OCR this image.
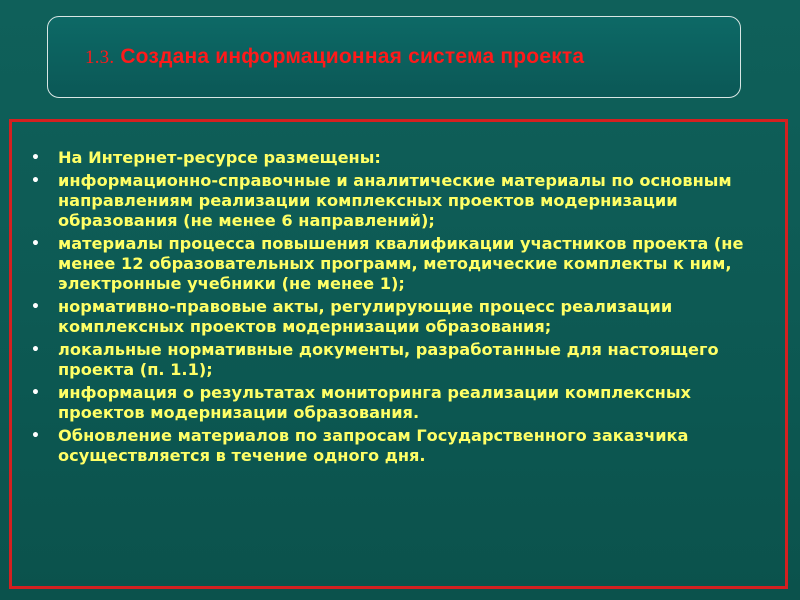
1.3. Создана информационная система проекта
• На Интернет-ресурсе размещены:
• информационно-справочные и аналитические материалы по основным направлениям реализации комплексных проектов модернизации образования (не менее 6 направлений);
• материалы процесса повышения квалификации участников проекта (не менее 12 образовательных программ, методические комплекты к ним, электронные учебники (не менее 1);
• нормативно-правовые акты, регулирующие процесс реализации комплексных проектов модернизации образования;
• локальные нормативные документы, разработанные для настоящего проекта (п. 1.1);
• информация о результатах мониторинга реализации комплексных проектов модернизации образования.
• Обновление материалов по запросам Государственного заказчика осуществляется в течение одного дня.
